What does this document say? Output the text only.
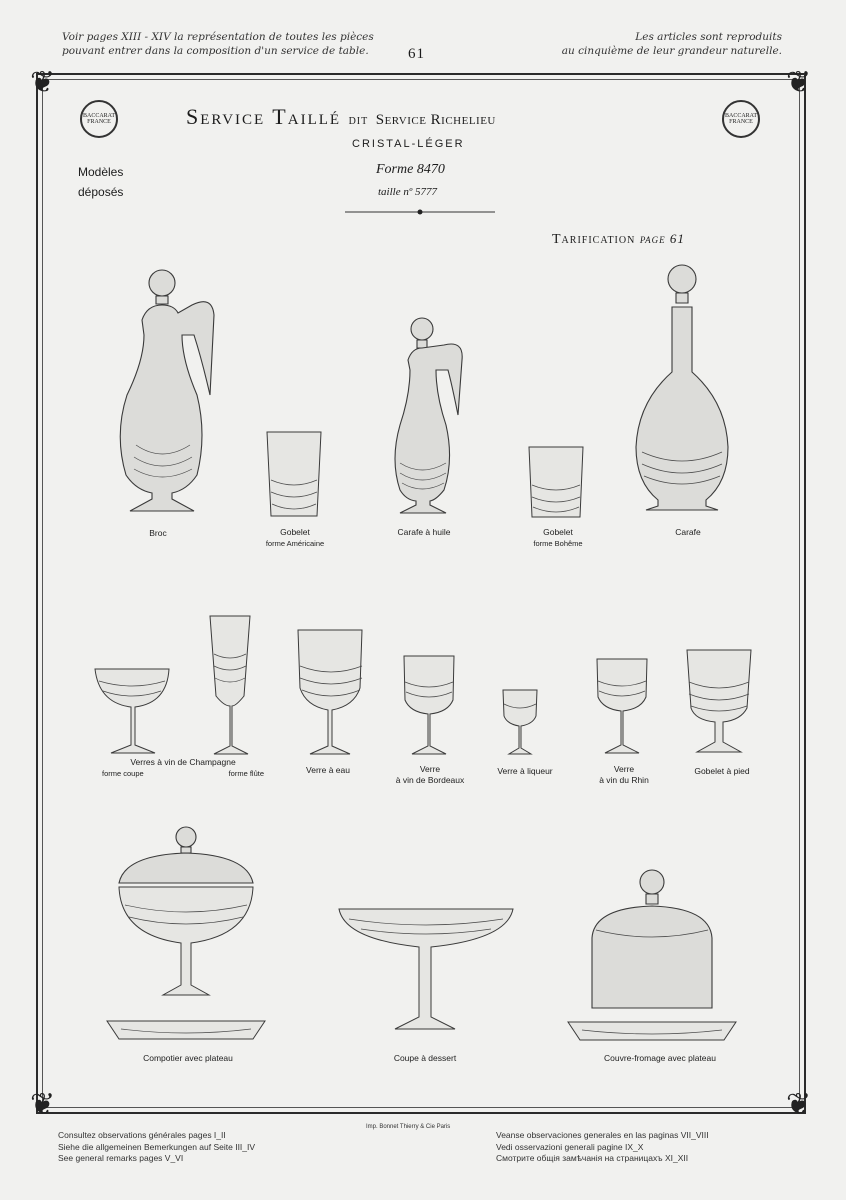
Voir pages XIII - XIV la représentation de toutes les pièces
pouvant entrer dans la composition d'un service de table.	61
Les articles sont reproduits
au cinquième de leur grandeur naturelle.
❦	❦
❦	❦
BACCARAT FRANCE
BACCARAT FRANCE
Service Taillé DIT Service Richelieu
CRISTAL-LÉGER
Forme 8470
taille nº 5777
Modèles
déposés
Tarification page 61
Broc	Gobelet
forme Américaine
Carafe à huile	Gobelet
forme Bohême
Carafe
Verres à vin de Champagne
forme coupe	forme flûte	Verre à eau	Verre
à vin de Bordeaux
Verre à liqueur	Verre
à vin du Rhin
Gobelet à pied
Compotier avec plateau	Coupe à dessert	Couvre-fromage avec plateau
Consultez observations générales pages I_II
Siehe die allgemeinen Bemerkungen auf Seite III_IV
See general remarks pages V_VI
Imp. Bonnet Thierry & Cie Paris
Veanse observaciones generales en las paginas VII_VIII
Vedi osservazioni generali pagine IX_X
Смотрите общія замѣчанія на страницахъ XI_XII
